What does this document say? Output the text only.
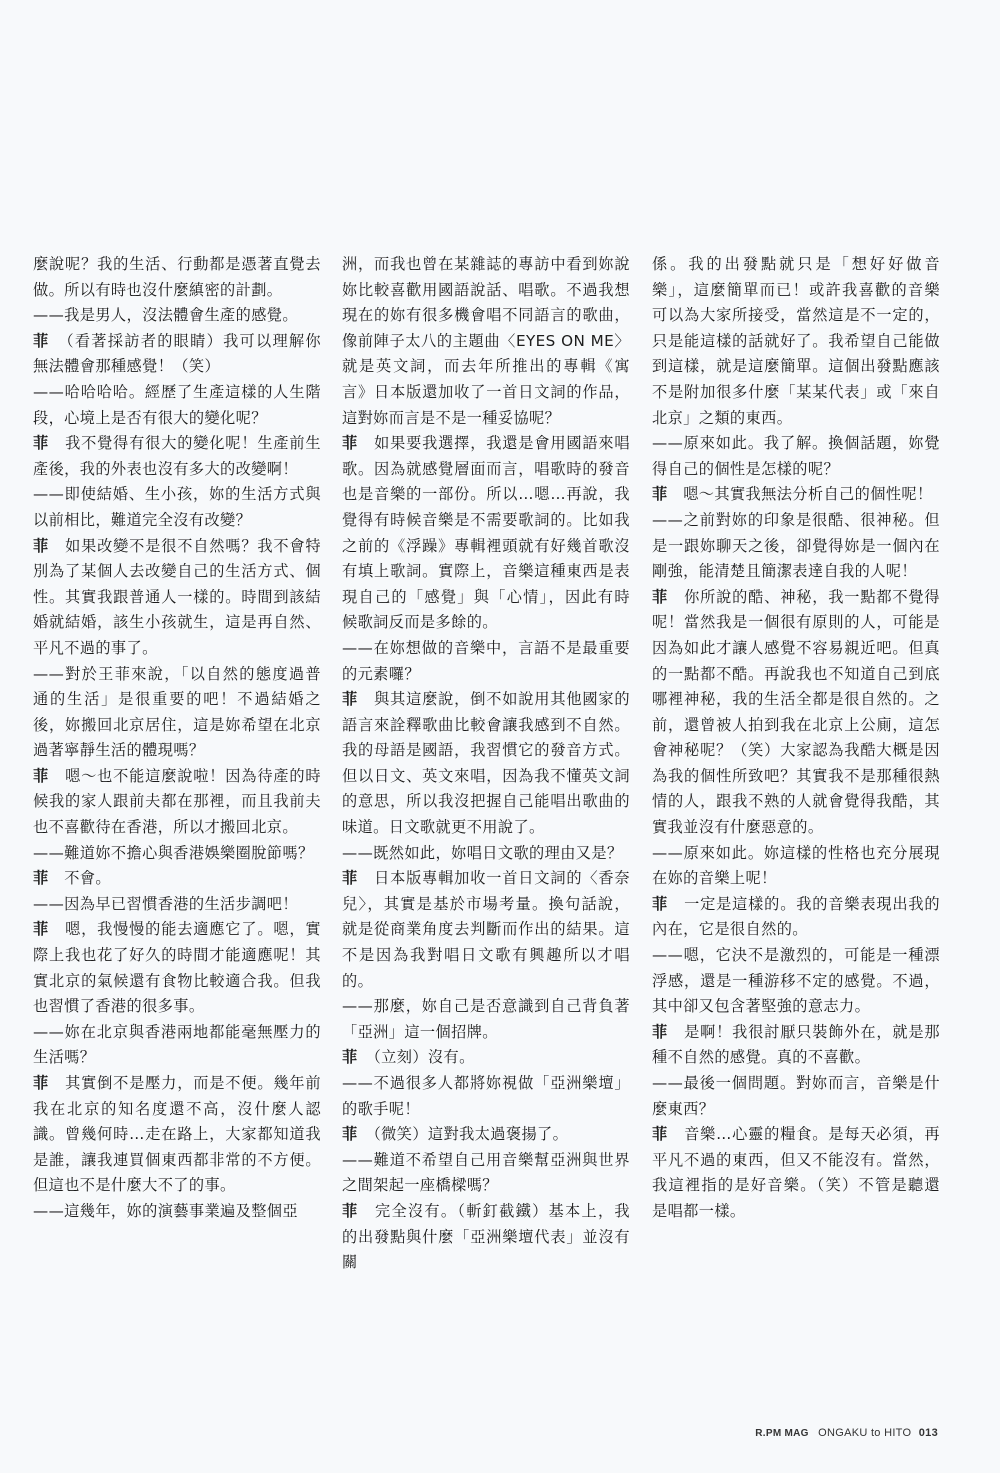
麼說呢？我的生活、行動都是憑著直覺去做。所以有時也沒什麼縝密的計劃。

——我是男人，沒法體會生產的感覺。

菲　 （看著採訪者的眼睛）我可以理解你無法體會那種感覺！（笑）

——哈哈哈哈。經歷了生產這樣的人生階段，心境上是否有很大的變化呢？

菲　 我不覺得有很大的變化呢！生產前生產後，我的外表也沒有多大的改變啊！

——即使結婚、生小孩，妳的生活方式與以前相比，難道完全沒有改變？

菲　 如果改變不是很不自然嗎？我不會特別為了某個人去改變自己的生活方式、個性。其實我跟普通人一樣的。時間到該結婚就結婚，該生小孩就生，這是再自然、平凡不過的事了。

——對於王菲來說，「以自然的態度過普通的生活」是很重要的吧！不過結婚之後，妳搬回北京居住，這是妳希望在北京過著寧靜生活的體現嗎？

菲　 嗯～也不能這麼說啦！因為待產的時候我的家人跟前夫都在那裡，而且我前夫也不喜歡待在香港，所以才搬回北京。

——難道妳不擔心與香港娛樂圈脫節嗎？

菲　 不會。

——因為早已習慣香港的生活步調吧！

菲　 嗯，我慢慢的能去適應它了。嗯，實際上我也花了好久的時間才能適應呢！其實北京的氣候還有食物比較適合我。但我也習慣了香港的很多事。

——妳在北京與香港兩地都能毫無壓力的生活嗎？

菲　 其實倒不是壓力，而是不便。幾年前我在北京的知名度還不高，沒什麼人認識。曾幾何時…走在路上，大家都知道我是誰，讓我連買個東西都非常的不方便。但這也不是什麼大不了的事。

——這幾年，妳的演藝事業遍及整個亞

洲，而我也曾在某雜誌的專訪中看到妳說妳比較喜歡用國語說話、唱歌。不過我想現在的妳有很多機會唱不同語言的歌曲，像前陣子太八的主題曲〈EYES ON ME〉就是英文詞，而去年所推出的專輯《寓言》日本版還加收了一首日文詞的作品，這對妳而言是不是一種妥協呢？

菲　 如果要我選擇，我還是會用國語來唱歌。因為就感覺層面而言，唱歌時的發音也是音樂的一部份。所以…嗯…再說，我覺得有時候音樂是不需要歌詞的。比如我之前的《浮躁》專輯裡頭就有好幾首歌沒有填上歌詞。實際上，音樂這種東西是表現自己的「感覺」與「心情」，因此有時候歌詞反而是多餘的。

——在妳想做的音樂中，言語不是最重要的元素囉？

菲　 與其這麼說，倒不如說用其他國家的語言來詮釋歌曲比較會讓我感到不自然。我的母語是國語，我習慣它的發音方式。但以日文、英文來唱，因為我不懂英文詞的意思，所以我沒把握自己能唱出歌曲的味道。日文歌就更不用說了。

——既然如此，妳唱日文歌的理由又是？

菲　 日本版專輯加收一首日文詞的〈香奈兒〉，其實是基於市場考量。換句話說，就是從商業角度去判斷而作出的結果。這不是因為我對唱日文歌有興趣所以才唱的。

——那麼，妳自己是否意識到自己背負著「亞洲」這一個招牌。

菲　 （立刻）沒有。

——不過很多人都將妳視做「亞洲樂壇」的歌手呢！

菲　 （微笑）這對我太過褒揚了。

——難道不希望自己用音樂幫亞洲與世界之間架起一座橋樑嗎？

菲　 完全沒有。（斬釘截鐵）基本上，我的出發點與什麼「亞洲樂壇代表」並沒有關

係。我的出發點就只是「想好好做音樂」，這麼簡單而已！或許我喜歡的音樂可以為大家所接受，當然這是不一定的，只是能這樣的話就好了。我希望自己能做到這樣，就是這麼簡單。這個出發點應該不是附加很多什麼「某某代表」或「來自北京」之類的東西。

——原來如此。我了解。換個話題，妳覺得自己的個性是怎樣的呢？

菲　 嗯～其實我無法分析自己的個性呢！

——之前對妳的印象是很酷、很神秘。但是一跟妳聊天之後，卻覺得妳是一個內在剛強，能清楚且簡潔表達自我的人呢！

菲　 你所說的酷、神秘，我一點都不覺得呢！當然我是一個很有原則的人，可能是因為如此才讓人感覺不容易親近吧。但真的一點都不酷。再說我也不知道自己到底哪裡神秘，我的生活全都是很自然的。之前，還曾被人拍到我在北京上公廁，這怎會神秘呢？（笑）大家認為我酷大概是因為我的個性所致吧？其實我不是那種很熱情的人，跟我不熟的人就會覺得我酷，其實我並沒有什麼惡意的。

——原來如此。妳這樣的性格也充分展現在妳的音樂上呢！

菲　 一定是這樣的。我的音樂表現出我的內在，它是很自然的。

——嗯，它決不是激烈的，可能是一種漂浮感，還是一種游移不定的感覺。不過，其中卻又包含著堅強的意志力。

菲　 是啊！我很討厭只裝飾外在，就是那種不自然的感覺。真的不喜歡。

——最後一個問題。對妳而言，音樂是什麼東西？

菲　 音樂…心靈的糧食。是每天必須，再平凡不過的東西，但又不能沒有。當然，我這裡指的是好音樂。（笑）不管是聽還是唱都一樣。

R.PM MAG ONGAKU to HITO 013
